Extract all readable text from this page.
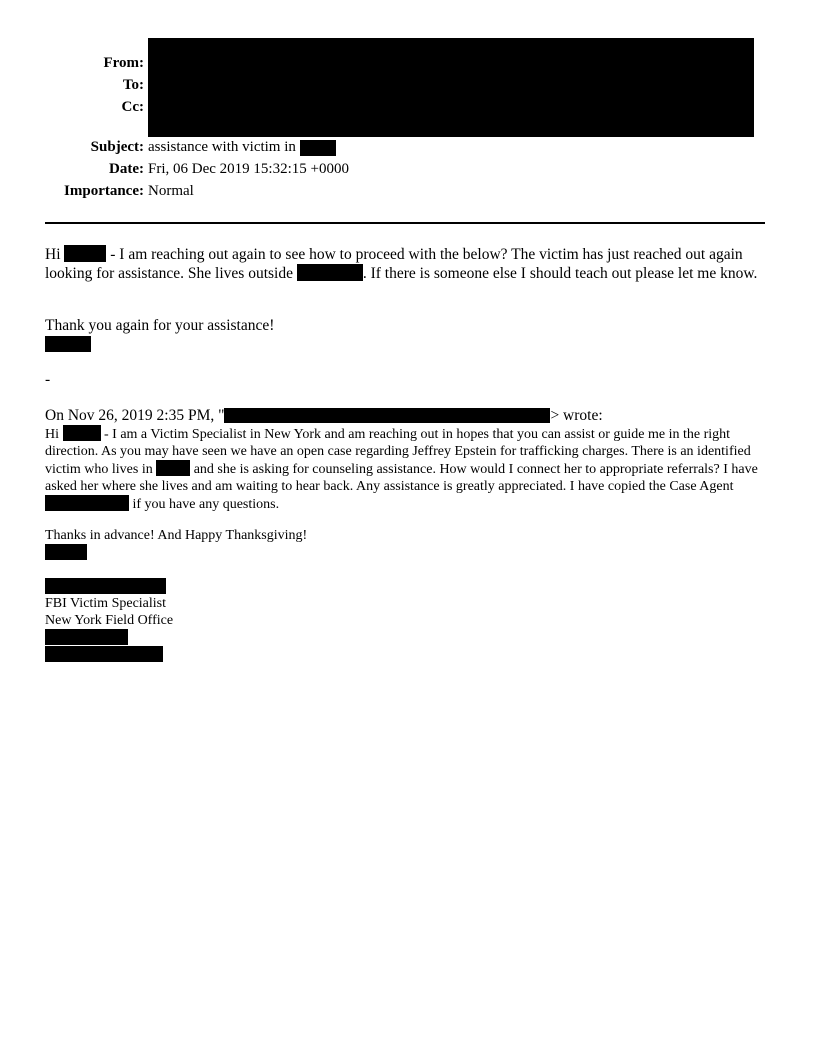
From:
To:
Cc:
Subject: assistance with victim in
Date: Fri, 06 Dec 2019 15:32:15 +0000
Importance: Normal
Hi	- I am reaching out again to see how to proceed with the below? The victim has just reached out again looking for assistance. She lives outside	. If there is someone else I should teach out please let me know.
Thank you again for your assistance!
-
On Nov 26, 2019 2:35 PM, "	> wrote:
Hi	- I am a Victim Specialist in New York and am reaching out in hopes that you can assist or guide me in the right direction. As you may have seen we have an open case regarding Jeffrey Epstein for trafficking charges. There is an identified victim who lives in	and she is asking for counseling assistance. How would I connect her to appropriate referrals? I have asked her where she lives and am waiting to hear back. Any assistance is greatly appreciated. I have copied the Case Agent  if you have any questions.
Thanks in advance! And Happy Thanksgiving!
FBI Victim Specialist
New York Field Office
